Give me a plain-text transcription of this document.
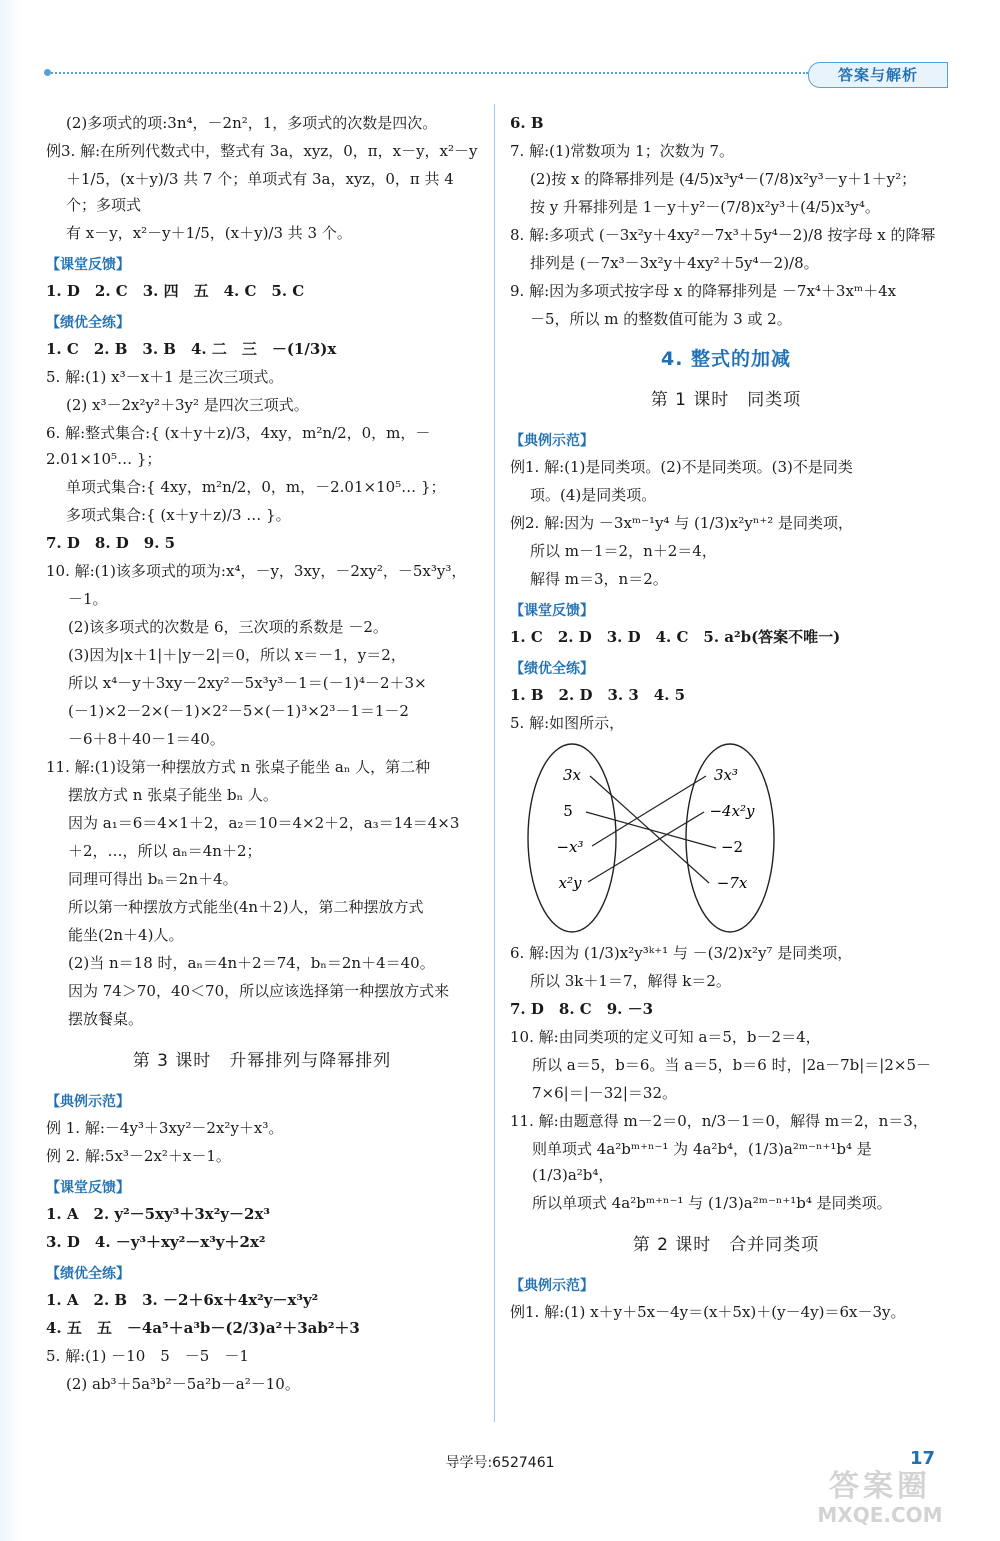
答案与解析
(2)多项式的项:3n⁴，－2n²，1，多项式的次数是四次。
例3. 解:在所列代数式中，整式有 3a，xyz，0，π，x－y，x²－y
＋1/5，(x＋y)/3 共 7 个；单项式有 3a，xyz，0，π 共 4 个；多项式
有 x－y，x²－y＋1/5，(x＋y)/3 共 3 个。
【课堂反馈】
1. D　2. C　3. 四　五　4. C　5. C
【绩优全练】
1. C　2. B　3. B　4. 二　三　－(1/3)x
5. 解:(1) x³－x＋1 是三次三项式。
(2) x³－2x²y²＋3y² 是四次三项式。
6. 解:整式集合:{ (x＋y＋z)/3，4xy，m²n/2，0，m，－2.01×10⁵… }；
单项式集合:{ 4xy，m²n/2，0，m，－2.01×10⁵… }；
多项式集合:{ (x＋y＋z)/3 … }。
7. D　8. D　9. 5
10. 解:(1)该多项式的项为:x⁴，－y，3xy，－2xy²，－5x³y³，
－1。
(2)该多项式的次数是 6，三次项的系数是 －2。
(3)因为|x＋1|＋|y－2|＝0，所以 x＝－1，y＝2，
所以 x⁴－y＋3xy－2xy²－5x³y³－1＝(－1)⁴－2＋3×
(－1)×2－2×(－1)×2²－5×(－1)³×2³－1＝1－2
－6＋8＋40－1＝40。
11. 解:(1)设第一种摆放方式 n 张桌子能坐 aₙ 人，第二种
摆放方式 n 张桌子能坐 bₙ 人。
因为 a₁＝6＝4×1＋2，a₂＝10＝4×2＋2，a₃＝14＝4×3
＋2，…，所以 aₙ＝4n＋2；
同理可得出 bₙ＝2n＋4。
所以第一种摆放方式能坐(4n＋2)人，第二种摆放方式
能坐(2n＋4)人。
(2)当 n＝18 时，aₙ＝4n＋2＝74，bₙ＝2n＋4＝40。
因为 74＞70，40＜70，所以应该选择第一种摆放方式来
摆放餐桌。
第 3 课时　升幂排列与降幂排列
【典例示范】
例 1. 解:－4y³＋3xy²－2x²y＋x³。
例 2. 解:5x³－2x²＋x－1。
【课堂反馈】
1. A　2. y²－5xy³＋3x²y－2x³
3. D　4. －y³＋xy²－x³y＋2x²
【绩优全练】
1. A　2. B　3. －2＋6x＋4x²y－x³y²
4. 五　五　－4a⁵＋a³b－(2/3)a²＋3ab²＋3
5. 解:(1) －10　5　－5　－1
(2) ab³＋5a³b²－5a²b－a²－10。
6. B
7. 解:(1)常数项为 1；次数为 7。
(2)按 x 的降幂排列是 (4/5)x³y⁴－(7/8)x²y³－y＋1＋y²；
按 y 升幂排列是 1－y＋y²－(7/8)x²y³＋(4/5)x³y⁴。
8. 解:多项式 (－3x²y＋4xy²－7x³＋5y⁴－2)/8 按字母 x 的降幂
排列是 (－7x³－3x²y＋4xy²＋5y⁴－2)/8。
9. 解:因为多项式按字母 x 的降幂排列是 －7x⁴＋3xᵐ＋4x
－5，所以 m 的整数值可能为 3 或 2。
4. 整式的加减
第 1 课时　同类项
【典例示范】
例1. 解:(1)是同类项。(2)不是同类项。(3)不是同类
项。(4)是同类项。
例2. 解:因为 －3xᵐ⁻¹y⁴ 与 (1/3)x²yⁿ⁺² 是同类项，
所以 m－1＝2，n＋2＝4，
解得 m＝3，n＝2。
【课堂反馈】
1. C　2. D　3. D　4. C　5. a²b(答案不唯一)
【绩优全练】
1. B　2. D　3. 3　4. 5
5. 解:如图所示，
3x
5
−x³
x²y
3x³
−4x²y
−2
−7x
6. 解:因为 (1/3)x²y³ᵏ⁺¹ 与 －(3/2)x²y⁷ 是同类项，
所以 3k＋1＝7，解得 k＝2。
7. D　8. C　9. －3
10. 解:由同类项的定义可知 a＝5，b－2＝4，
所以 a＝5，b＝6。当 a＝5，b＝6 时，|2a－7b|＝|2×5－
7×6|＝|－32|＝32。
11. 解:由题意得 m－2＝0，n/3－1＝0，解得 m＝2，n＝3，
则单项式 4a²bᵐ⁺ⁿ⁻¹ 为 4a²b⁴，(1/3)a²ᵐ⁻ⁿ⁺¹b⁴ 是 (1/3)a²b⁴，
所以单项式 4a²bᵐ⁺ⁿ⁻¹ 与 (1/3)a²ᵐ⁻ⁿ⁺¹b⁴ 是同类项。
第 2 课时　合并同类项
【典例示范】
例1. 解:(1) x＋y＋5x－4y＝(x＋5x)＋(y－4y)＝6x－3y。
导学号:6527461	17
答案圈
MXQE.COM
